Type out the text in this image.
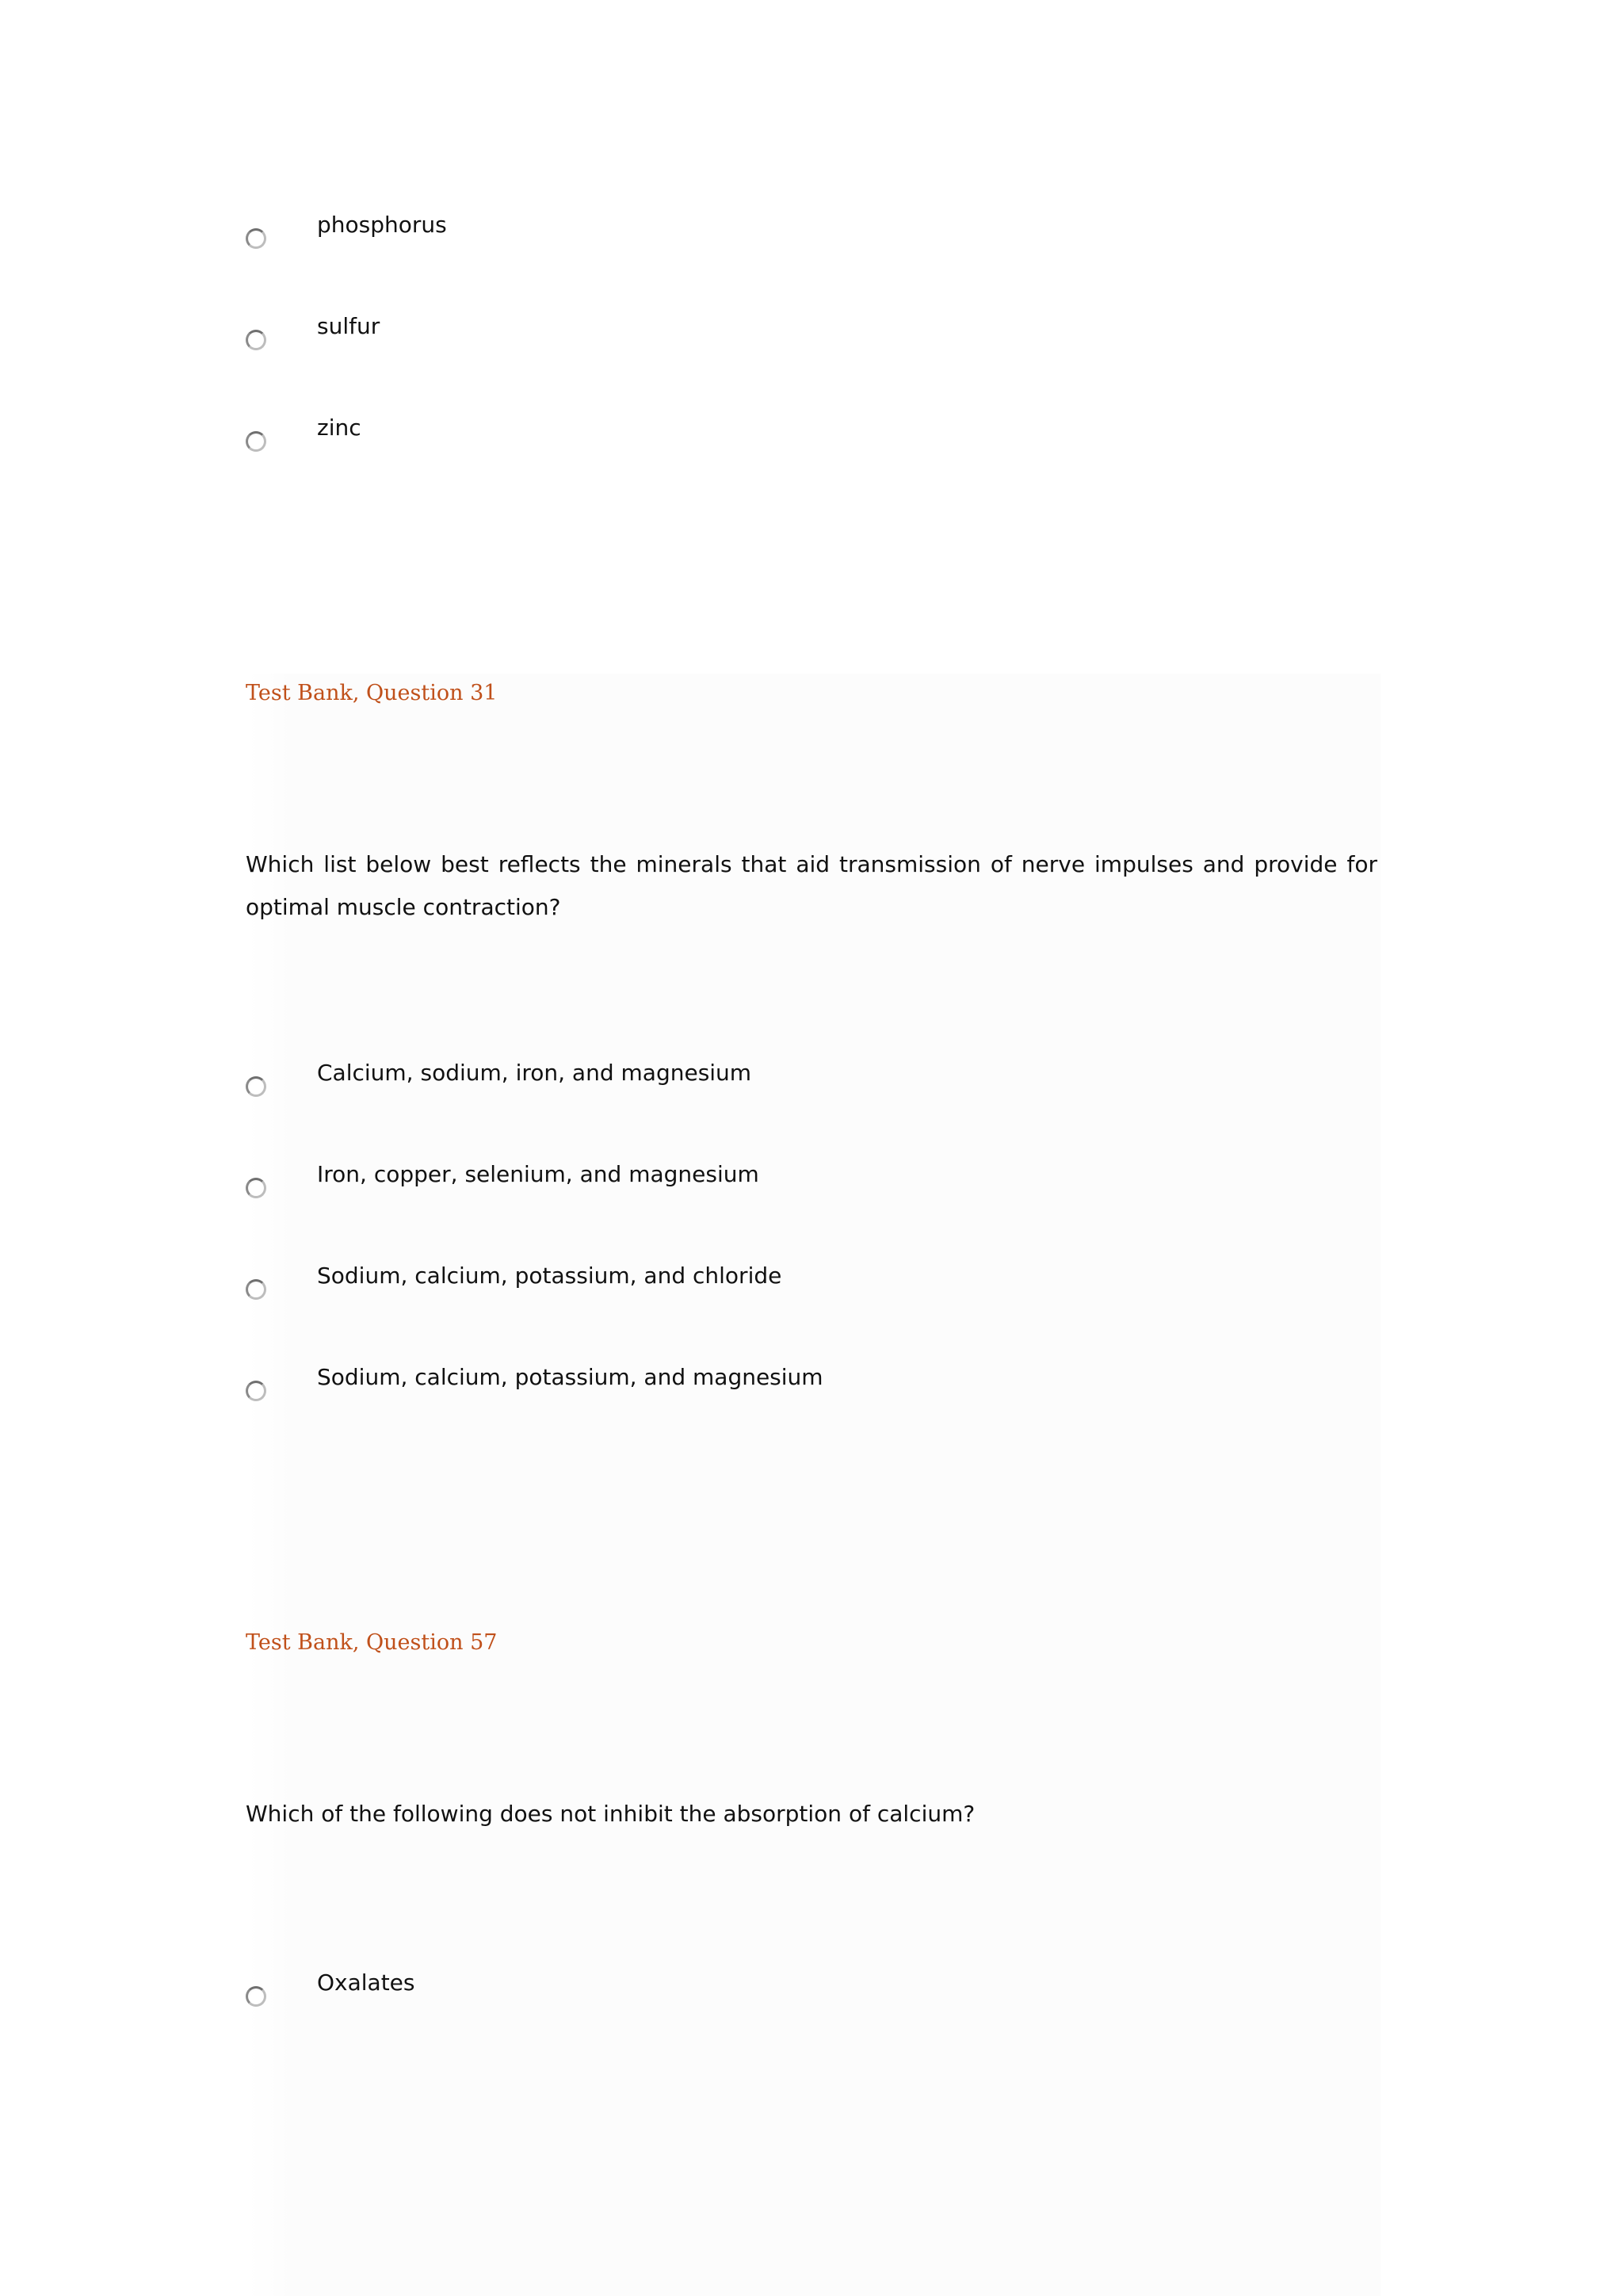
phosphorus
sulfur
zinc
Test Bank, Question 31
Which list below best reflects the minerals that aid transmission of nerve impulses and provide for optimal muscle contraction?
Calcium, sodium, iron, and magnesium
Iron, copper, selenium, and magnesium
Sodium, calcium, potassium, and chloride
Sodium, calcium, potassium, and magnesium
Test Bank, Question 57
Which of the following does not inhibit the absorption of calcium?
Oxalates
